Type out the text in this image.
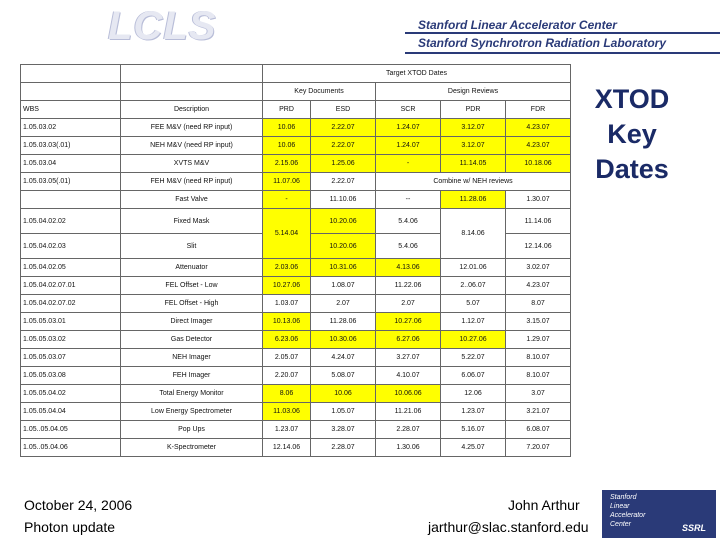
LCLS	Stanford Linear Accelerator Center
Stanford Synchrotron Radiation Laboratory
		Target XTOD Dates				
		Key Documents		Design Reviews		
WBS	Description	PRD	ESD	SCR	PDR	FDR
1.05.03.02	FEE M&V (need RP input)	10.06	2.22.07	1.24.07	3.12.07	4.23.07
1.05.03.03(.01)	NEH M&V (need RP input)	10.06	2.22.07	1.24.07	3.12.07	4.23.07
1.05.03.04	XVTS M&V	2.15.06	1.25.06	-	11.14.05	10.18.06
1.05.03.05(.01)	FEH M&V (need RP input)	11.07.06	2.22.07	Combine w/ NEH reviews		
	Fast Valve	-	11.10.06	--	11.28.06	1.30.07
1.05.04.02.02	Fixed Mask	5.14.04	10.20.06	5.4.06	8.14.06	11.14.06
1.05.04.02.03	Slit		10.20.06	5.4.06		12.14.06
1.05.04.02.05	Attenuator	2.03.06	10.31.06	4.13.06	12.01.06	3.02.07
1.05.04.02.07.01	FEL Offset - Low	10.27.06	1.08.07	11.22.06	2..06.07	4.23.07
1.05.04.02.07.02	FEL Offset - High	1.03.07	2.07	2.07	5.07	8.07
1.05.05.03.01	Direct Imager	10.13.06	11.28.06	10.27.06	1.12.07	3.15.07
1.05.05.03.02	Gas Detector	6.23.06	10.30.06	6.27.06	10.27.06	1.29.07
1.05.05.03.07	NEH Imager	2.05.07	4.24.07	3.27.07	5.22.07	8.10.07
1.05.05.03.08	FEH Imager	2.20.07	5.08.07	4.10.07	6.06.07	8.10.07
1.05.05.04.02	Total Energy Monitor	8.06	10.06	10.06.06	12.06	3.07
1.05.05.04.04	Low Energy Spectrometer	11.03.06	1.05.07	11.21.06	1.23.07	3.21.07
1.05..05.04.05	Pop Ups	1.23.07	3.28.07	2.28.07	5.16.07	6.08.07
1.05..05.04.06	K-Spectrometer	12.14.06	2.28.07	1.30.06	4.25.07	7.20.07
XTOD
Key
Dates
October 24, 2006
Photon update
John Arthur
jarthur@slac.stanford.edu
Stanford
Linear
Accelerator
Center	SSRL
